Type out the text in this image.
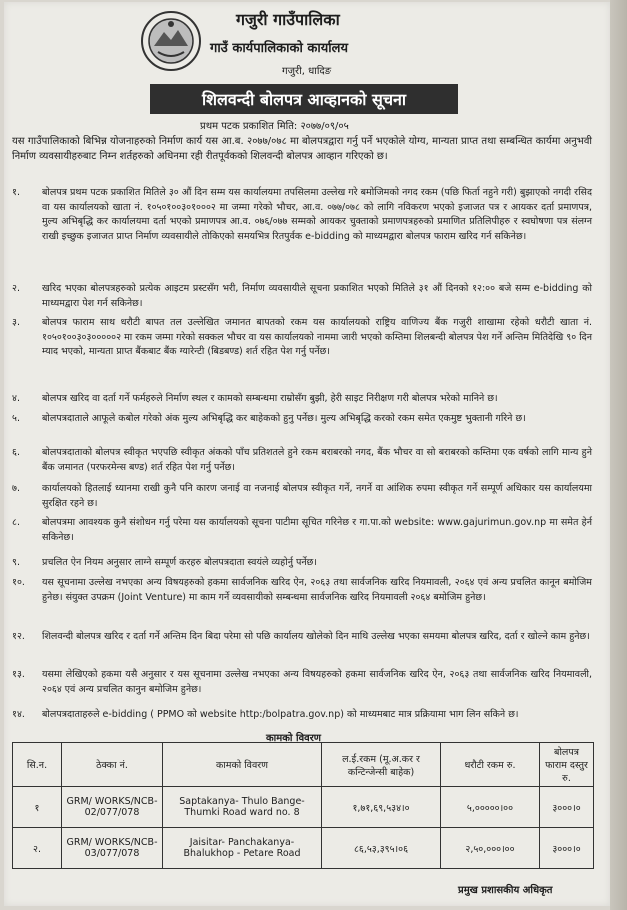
गजुरी गाउँपालिका
गाउँ कार्यपालिकाको कार्यालय
गजुरी, धादिङ
शिलवन्दी बोलपत्र आव्हानको सूचना
प्रथम पटक प्रकाशित मिति: २०७७/०९/०५
यस गाउँपालिकाको बिभिन्न योजनाहरुको निर्माण कार्य यस आ.ब. २०७७/०७८ मा बोलपत्रद्वारा गर्नु पर्ने भएकोले योग्य, मान्यता प्राप्त तथा सम्बन्धित कार्यमा अनुभवी निर्माण व्यवसायीहरुबाट निम्न शर्तहरुको अधिनमा रही रीतपूर्वकको शिलवन्दी बोलपत्र आव्हान गरिएको छ।
१.	बोलपत्र प्रथम पटक प्रकाशित मितिले ३० औं दिन सम्म यस कार्यालयमा तपसिलमा उल्लेख गरे बमोजिमको नगद रकम (पछि फिर्ता नहुने गरी) बुझाएको नगदी रसिद वा यस कार्यालयको खाता नं. १०५०१००३०१०००२ मा जम्मा गरेको भौचर, आ.व. ०७७/०७८ को लागि नविकरण भएको इजाजत पत्र र आयकर दर्ता प्रमाणपत्र, मुल्य अभिबृद्धि कर कार्यालयमा दर्ता भएको प्रमाणपत्र आ.व. ०७६/०७७ सम्मको आयकर चुक्ताको प्रमाणपत्रहरुको प्रमाणित प्रतिलिपीहरु र स्वघोषणा पत्र संलग्न राखी इच्छुक इजाजत प्राप्त निर्माण व्यवसायीले तोकिएको समयभित्र रितपुर्वक e-bidding को माध्यमद्वारा बोलपत्र फाराम खरिद गर्न सकिनेछ।
२.	खरिद भएका बोलपत्रहरुको प्रत्येक आइटम प्रस्टसँग भरी, निर्माण व्यवसायीले सूचना प्रकाशित भएको मितिले ३१ औं दिनको १२:०० बजे सम्म e-bidding को माध्यमद्वारा पेश गर्न सकिनेछ।
३.	बोलपत्र फाराम साथ धरौटी बापत तल उल्लेखित जमानत बापतको रकम यस कार्यालयको राष्ट्रिय वाणिज्य बैंक गजुरी शाखामा रहेको धरौटी खाता नं. १०५०१००३०३०००००२ मा रकम जम्मा गरेको सक्कल भौचर वा यस कार्यालयको नाममा जारी भएको कम्तिमा शिलबन्दी बोलपत्र पेश गर्ने अन्तिम मितिदेखि ९० दिन म्याद भएको, मान्यता प्राप्त बैंकबाट बैंक ग्यारेन्टी (बिडबण्ड) शर्त रहित पेश गर्नु पर्नेछ।
४.	बोलपत्र खरिद वा दर्ता गर्ने फर्महरुले निर्माण स्थल र कामको सम्बन्धमा राम्रोसँग बुझी, हेरी साइट निरीक्षण गरी बोलपत्र भरेको मानिने छ।
५.	बोलपत्रदाताले आफूले कबोल गरेको अंक मुल्य अभिबृद्धि कर बाहेकको हुनु पर्नेछ। मुल्य अभिबृद्धि करको रकम समेत एकमुष्ट भुक्तानी गरिने छ।
६.	बोलपत्रदाताको बोलपत्र स्वीकृत भएपछि स्वीकृत अंकको पाँच प्रतिशतले हुने रकम बराबरको नगद, बैंक भौचर वा सो बराबरको कम्तिमा एक वर्षको लागि मान्य हुने बैंक जमानत (परफरमेन्स बण्ड) शर्त रहित पेश गर्नु पर्नेछ।
७.	कार्यालयको हितलाई ध्यानमा राखी कुनै पनि कारण जनाई वा नजनाई बोलपत्र स्वीकृत गर्ने, नगर्ने वा आंशिक रुपमा स्वीकृत गर्ने सम्पूर्ण अधिकार यस कार्यालयमा सुरक्षित रहने छ।
८.	बोलपत्रमा आवश्यक कुनै संशोधन गर्नु परेमा यस कार्यालयको सूचना पाटीमा सूचित गरिनेछ र गा.पा.को website: www.gajurimun.gov.np मा समेत हेर्न सकिनेछ।
९.	प्रचलित ऐन नियम अनुसार लाग्ने सम्पूर्ण करहरु बोलपत्रदाता स्वयंले व्यहोर्नु पर्नेछ।
१०.	यस सूचनामा उल्लेख नभएका अन्य विषयहरुको हकमा सार्वजनिक खरिद ऐन, २०६३ तथा सार्वजनिक खरिद नियमावली, २०६४ एवं अन्य प्रचलित कानून बमोजिम हुनेछ। संयुक्त उपक्रम (Joint Venture) मा काम गर्ने व्यवसायीको सम्बन्धमा सार्वजनिक खरिद नियमावली २०६४ बमोजिम हुनेछ।
१२.	शिलवन्दी बोलपत्र खरिद र दर्ता गर्ने अन्तिम दिन बिदा परेमा सो पछि कार्यालय खोलेको दिन माथि उल्लेख भएका समयमा बोलपत्र खरिद, दर्ता र खोल्ने काम हुनेछ।
१३.	यसमा लेखिएको हकमा यसै अनुसार र यस सूचनामा उल्लेख नभएका अन्य विषयहरुको हकमा सार्वजनिक खरिद ऐन, २०६३ तथा सार्वजनिक खरिद नियमावली, २०६४ एवं अन्य प्रचलित कानुन बमोजिम हुनेछ।
१४.	बोलपत्रदाताहरुले e-bidding ( PPMO को website http:/bolpatra.gov.np) को माध्यमबाट मात्र प्रक्रियामा भाग लिन सकिने छ।
कामको विवरण
सि.न.	ठेक्का नं.	कामको विवरण	ल.ई.रकम (मू.अ.कर र कन्टिन्जेन्सी बाहेक)	धरौटी रकम रु.	बोलपत्र फाराम दस्तुर रु.
१	GRM/ WORKS/NCB-02/077/078	Saptakanya- Thulo Bange- Thumki Road ward no. 8	१,७१,६९,५३४।०	५,०००००।००	३०००।०
२.	GRM/ WORKS/NCB-03/077/078	Jaisitar- Panchakanya- Bhalukhop - Petare Road	८६,५३,३९५।०६	२,५०,०००।००	३०००।०
प्रमुख प्रशासकीय अधिकृत
